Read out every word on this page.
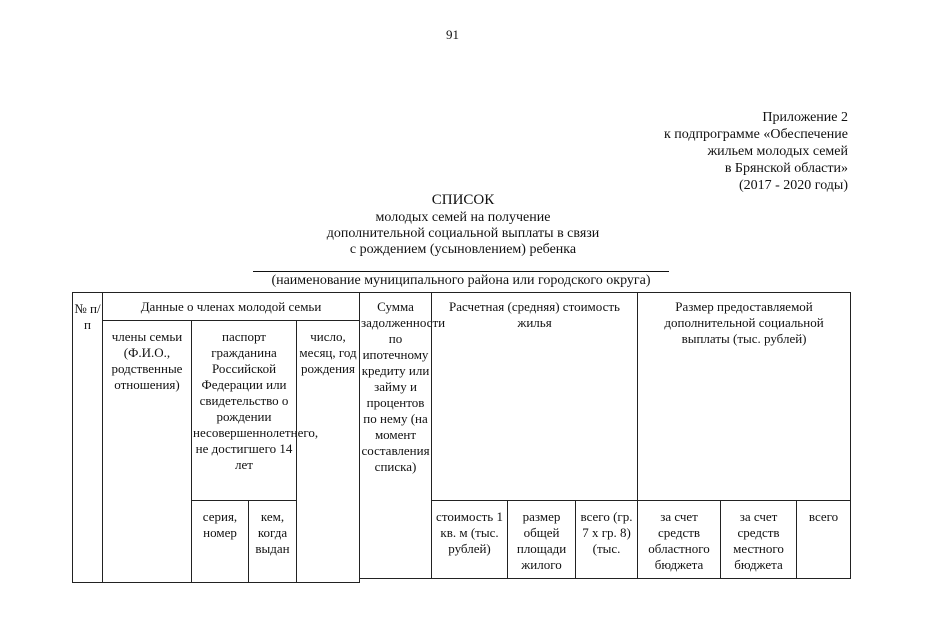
91
Приложение 2
к подпрограмме «Обеспечение
жильем молодых семей
в Брянской области»
(2017 - 2020 годы)
СПИСОК
молодых семей на получение
дополнительной социальной выплаты в связи
с рождением (усыновлением) ребенка
(наименование муниципального района или городского округа)
№ п/п	Данные о членах молодой семьи				Сумма задолженности по ипотечному кредиту или займу и процентов по нему (на момент составления списка)	Расчетная (средняя) стоимость жилья			Размер предоставляемой дополнительной социальной выплаты (тыс. рублей)		
	члены семьи (Ф.И.О., родственные отношения)	паспорт гражданина Российской Федерации или свидетельство о рождении несовершеннолетнего, не достигшего 14 лет		число, месяц, год рождения							
		серия, номер	кем, когда выдан			стоимость 1 кв. м (тыс. рублей)	размер общей площади жилого	всего (гр. 7 х гр. 8) (тыс.	за счет средств областного бюджета	за счет средств местного бюджета	всего
